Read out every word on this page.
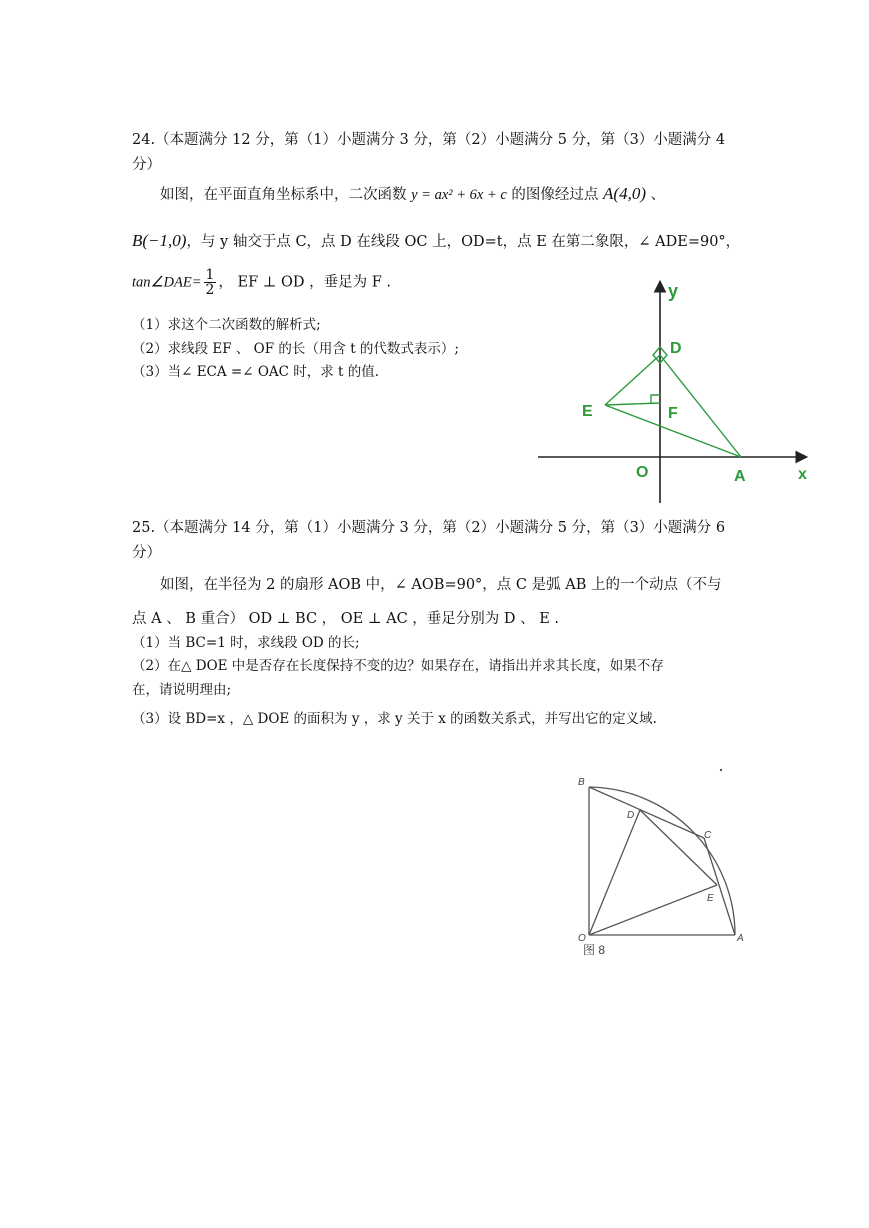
24.（本题满分 12 分，第（1）小题满分 3 分，第（2）小题满分 5 分，第（3）小题满分 4
分）
如图，在平面直角坐标系中，二次函数 y = ax² + 6x + c 的图像经过点 A(4,0) 、
B(−1,0)，与 y 轴交于点 C，点 D 在线段 OC 上，OD=t，点 E 在第二象限，∠ ADE=90°，
tan∠DAE= $\frac{1}{2}$ ， EF ⊥ OD ，垂足为 F .
（1）求这个二次函数的解析式;
（2）求线段 EF 、 OF 的长（用含 t 的代数式表示）;
（3）当∠ ECA =∠ OAC 时，求 t 的值.
y
x
D
E	F
O	A
25.（本题满分 14 分，第（1）小题满分 3 分，第（2）小题满分 5 分，第（3）小题满分 6
分）
如图，在半径为 2 的扇形 AOB 中，∠ AOB=90°，点 C 是弧 AB 上的一个动点（不与
点 A 、 B 重合） OD ⊥ BC ， OE ⊥ AC ，垂足分别为 D 、 E .
（1）当 BC=1 时，求线段 OD 的长;
（2）在△ DOE 中是否存在长度保持不变的边？如果存在，请指出并求其长度，如果不存
在，请说明理由;
（3）设 BD=x ，△ DOE 的面积为 y ，求 y 关于 x 的函数关系式，并写出它的定义域.
B
D
C
E
O	A
图 8
